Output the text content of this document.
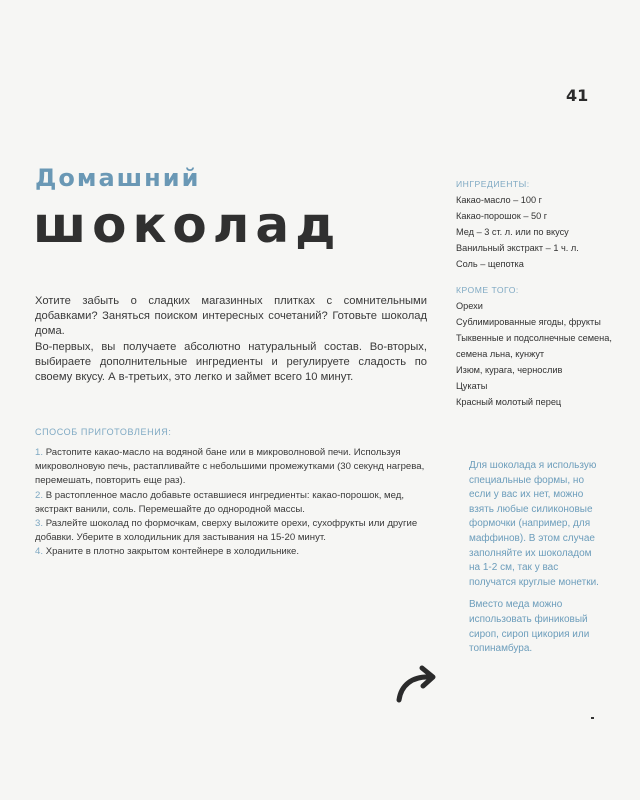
41
Домашний
шоколад

Хотите забыть о сладких магазинных плитках с сомнительными добавками? Заняться поиском интересных сочетаний? Готовьте шоколад дома.

Во-первых, вы получаете абсолютно натуральный состав. Во-вторых, выбираете дополнительные ингредиенты и регулируете сладость по своему вкусу. А в-третьих, это легко и займет всего 10 минут.

СПОСОБ ПРИГОТОВЛЕНИЯ:

1. Растопите какао-масло на водяной бане или в микроволновой печи. Используя микроволновую печь, растапливайте с небольшими промежутками (30 секунд нагрева, перемешать, повторить еще раз).

2. В растопленное масло добавьте оставшиеся ингредиенты: какао-порошок, мед, экстракт ванили, соль. Перемешайте до однородной массы.

3. Разлейте шоколад по формочкам, сверху выложите орехи, сухофрукты или другие добавки. Уберите в холодильник для застывания на 15-20 минут.

4. Храните в плотно закрытом контейнере в холодильнике.

ИНГРЕДИЕНТЫ:

Какао-масло – 100 г
Какао-порошок – 50 г
Мед – 3 ст. л. или по вкусу
Ванильный экстракт – 1 ч. л.
Соль – щепотка

КРОМЕ ТОГО:

Орехи
Сублимированные ягоды, фрукты
Тыквенные и подсолнечные семена, семена льна, кунжут
Изюм, курага, чернослив
Цукаты
Красный молотый перец

Для шоколада я использую специальные формы, но если у вас их нет, можно взять любые силиконовые формочки (например, для маффинов). В этом случае заполняйте их шоколадом на 1-2 см, так у вас получатся круглые монетки.

Вместо меда можно использовать финиковый сироп, сироп цикория или топинамбура.
